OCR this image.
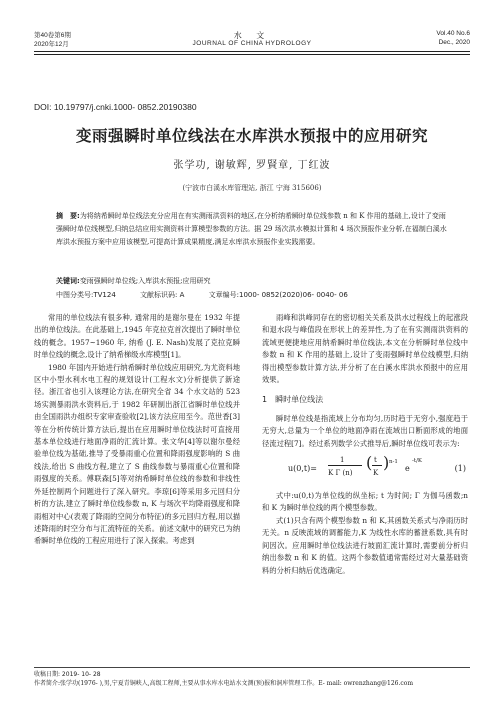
第40卷第6期
2020年12月
水 文
JOURNAL OF CHINA HYDROLOGY
Vol.40 No.6
Dec., 2020
DOI: 10.19797/j.cnki.1000- 0852.20190380
变雨强瞬时单位线法在水库洪水预报中的应用研究
张学功, 谢敏辉, 罗賢章, 丁红波
(宁波市白溪水库管理站, 浙江 宁海 315606)
摘　要:为将纳希瞬时单位线法充分应用在有实测雨洪资料的地区,在分析纳希瞬时单位线参数 n 和 K 作用的基础上,设计了变雨强瞬时单位线模型,归纳总结应用实测资料计算模型参数的方法。据 29 场次洪水模拟计算和 4 场次预报作业分析,在福制白溪水库洪水预报方案中应用该模型,可提高计算成果精度,满足水库洪水预报作业实践需要。
关键词:变雨强瞬时单位线;入库洪水预报;应用研究
中图分类号:TV124	文献标识码: A	文章编号:1000- 0852(2020)06- 0040- 06

常用的单位线法有很多种, 通常用的是谢尔曼在 1932 年提出的单位线法。在此基础上,1945 年克拉克首次提出了瞬时单位线的概念。1957~1960 年, 纳希 (J. E. Nash)发展了克拉克瞬时单位线的概念,设计了纳希梯级水库模型[1]。

1980 年国内开始进行纳希瞬时单位线应用研究,为尤资料地区中小型水利水电工程的规划设计(工程水文)分析提供了新途径。浙江省也引入该理论方法,在研究全省 34 个水文站的 523 场实测暴雨洪水资料后,于 1982 年研制出浙江省瞬时单位线并由全国雨洪办组织专家审查验收[2],该方法应用至今。范世香[3]等在分析传统计算方法后,提出在应用瞬时单位线法时可直接用基本单位线进行地面净雨的汇流计算。张文华[4]等以谢尔曼经验单位线为基础,推导了受暴雨重心位置和降雨强度影响的 S 曲线法,给出 S 曲线方程,建立了 S 曲线参数与暴雨重心位置和降雨强度的关系。傅联森[5]等对纳希瞬时单位线的参数和非线性外延控制两个问题进行了深入研究。李琼[6]等采用多元回归分析的方法,建立了瞬时单位线参数 n, K 与场次平均降雨强度和降雨相对中心(表观了降雨的空间分布特征)的多元回归方程,用以描述降雨的时空分布与汇流特征的关系。前述文献中的研究已为纳希瞬时单位线的工程应用进行了深入探索。考虑到

雨峰和洪峰同存在的密切相关关系及洪水过程线上的起涨段和退水段与峰值段在形状上的差异性,为了在有实测雨洪资料的流域更便捷地应用纳希瞬时单位线法,本文在分析瞬时单位线中参数 n 和 K 作用的基础上,设计了变雨强瞬时单位线模型,归纳得出模型参数计算方法,并分析了在白溪水库洪水预报中的应用效果。

1　瞬时单位线法

瞬时单位线是指流域上分布均匀,历时趋于无穷小,强度趋于无穷大,总量为一个单位的地面净雨在流域出口断面形成的地面径流过程[7]。经过系列数学公式推导后,瞬时单位线可表示为:

u(0,t)=
1
K Γ (n)
( t
K
) n-1
e
-t/K
(1)

式中:u(0,t)为单位线的纵坐标; t 为时间; Γ 为伽马函数;n 和 K 为瞬时单位线的两个模型参数。

式(1)只含有两个模型参数 n 和 K,其函数关系式与净雨历时无关。n 反映流域的调蓄能力,K 为线性水库的蓄泄系数,具有时间因次。应用瞬时单位线法进行坡面汇流计算时,需要前分析归纳出参数 n 和 K 的值。这两个参数值通常需经过对大量基础资料的分析归纳后优选确定。

收稿日期: 2019- 10- 28
作者简介:张学功(1976- ),男,宁夏青铜峡人,高级工程师,主要从事水库水电站水文测(预)报和洞库管理工作。E- mail: owrenzhang@126.com
